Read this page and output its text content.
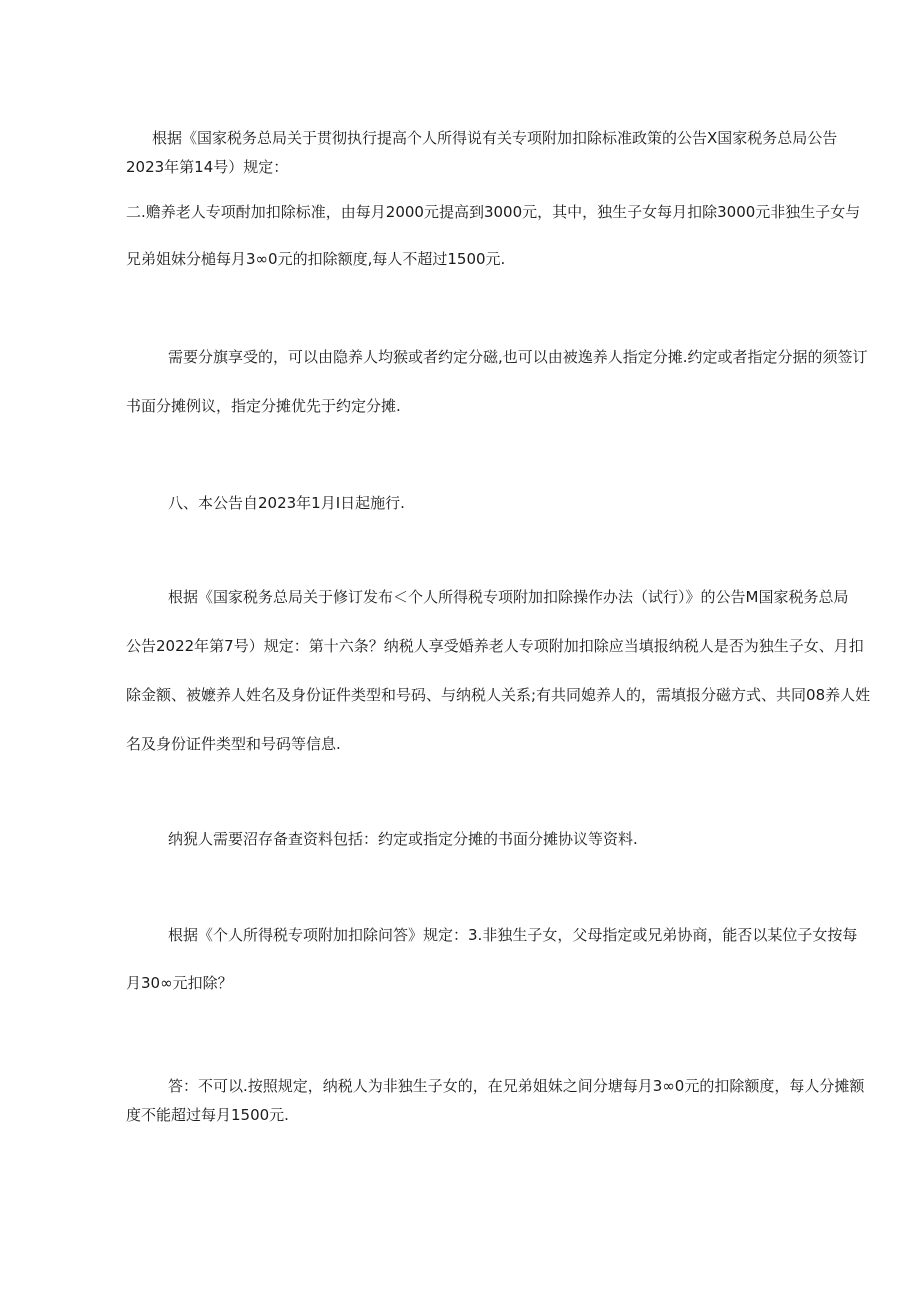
根据《国家税务总局关于贯彻执行提高个人所得说有关专项附加扣除标准政策的公告X国家税务总局公告
2023年第14号）规定：
二.赡养老人专项酎加扣除标准，由每月2000元提高到3000元，其中，独生子女每月扣除3000元非独生子女与
兄弟姐妹分槌每月3∞0元的扣除额度,每人不超过1500元.
需要分旗享受的，可以由隐养人均猴或者约定分磁,也可以由被逸养人指定分摊.约定或者指定分据的须签订
书面分摊例议，指定分摊优先于约定分摊.
八、本公告自2023年1月I日起施行.
根据《国家税务总局关于修订发布＜个人所得税专项附加扣除操作办法（试行）》的公告M国家税务总局
公告2022年第7号）规定：第十六条？纳税人享受婚养老人专项附加扣除应当填报纳税人是否为独生子女、月扣
除金额、被嬷养人姓名及身份证件类型和号码、与纳税人关系;有共同媳养人的，需填报分磁方式、共同08养人姓
名及身份证件类型和号码等信息.
纳猊人需要沼存备查资料包括：约定或指定分摊的书面分摊协议等资料.
根据《个人所得税专项附加扣除问答》规定：3.非独生子女，父母指定或兄弟协商，能否以某位子女按每
月30∞元扣除？
答：不可以.按照规定，纳税人为非独生子女的，在兄弟姐妹之间分塘每月3∞0元的扣除额度，每人分摊额
度不能超过每月1500元.
